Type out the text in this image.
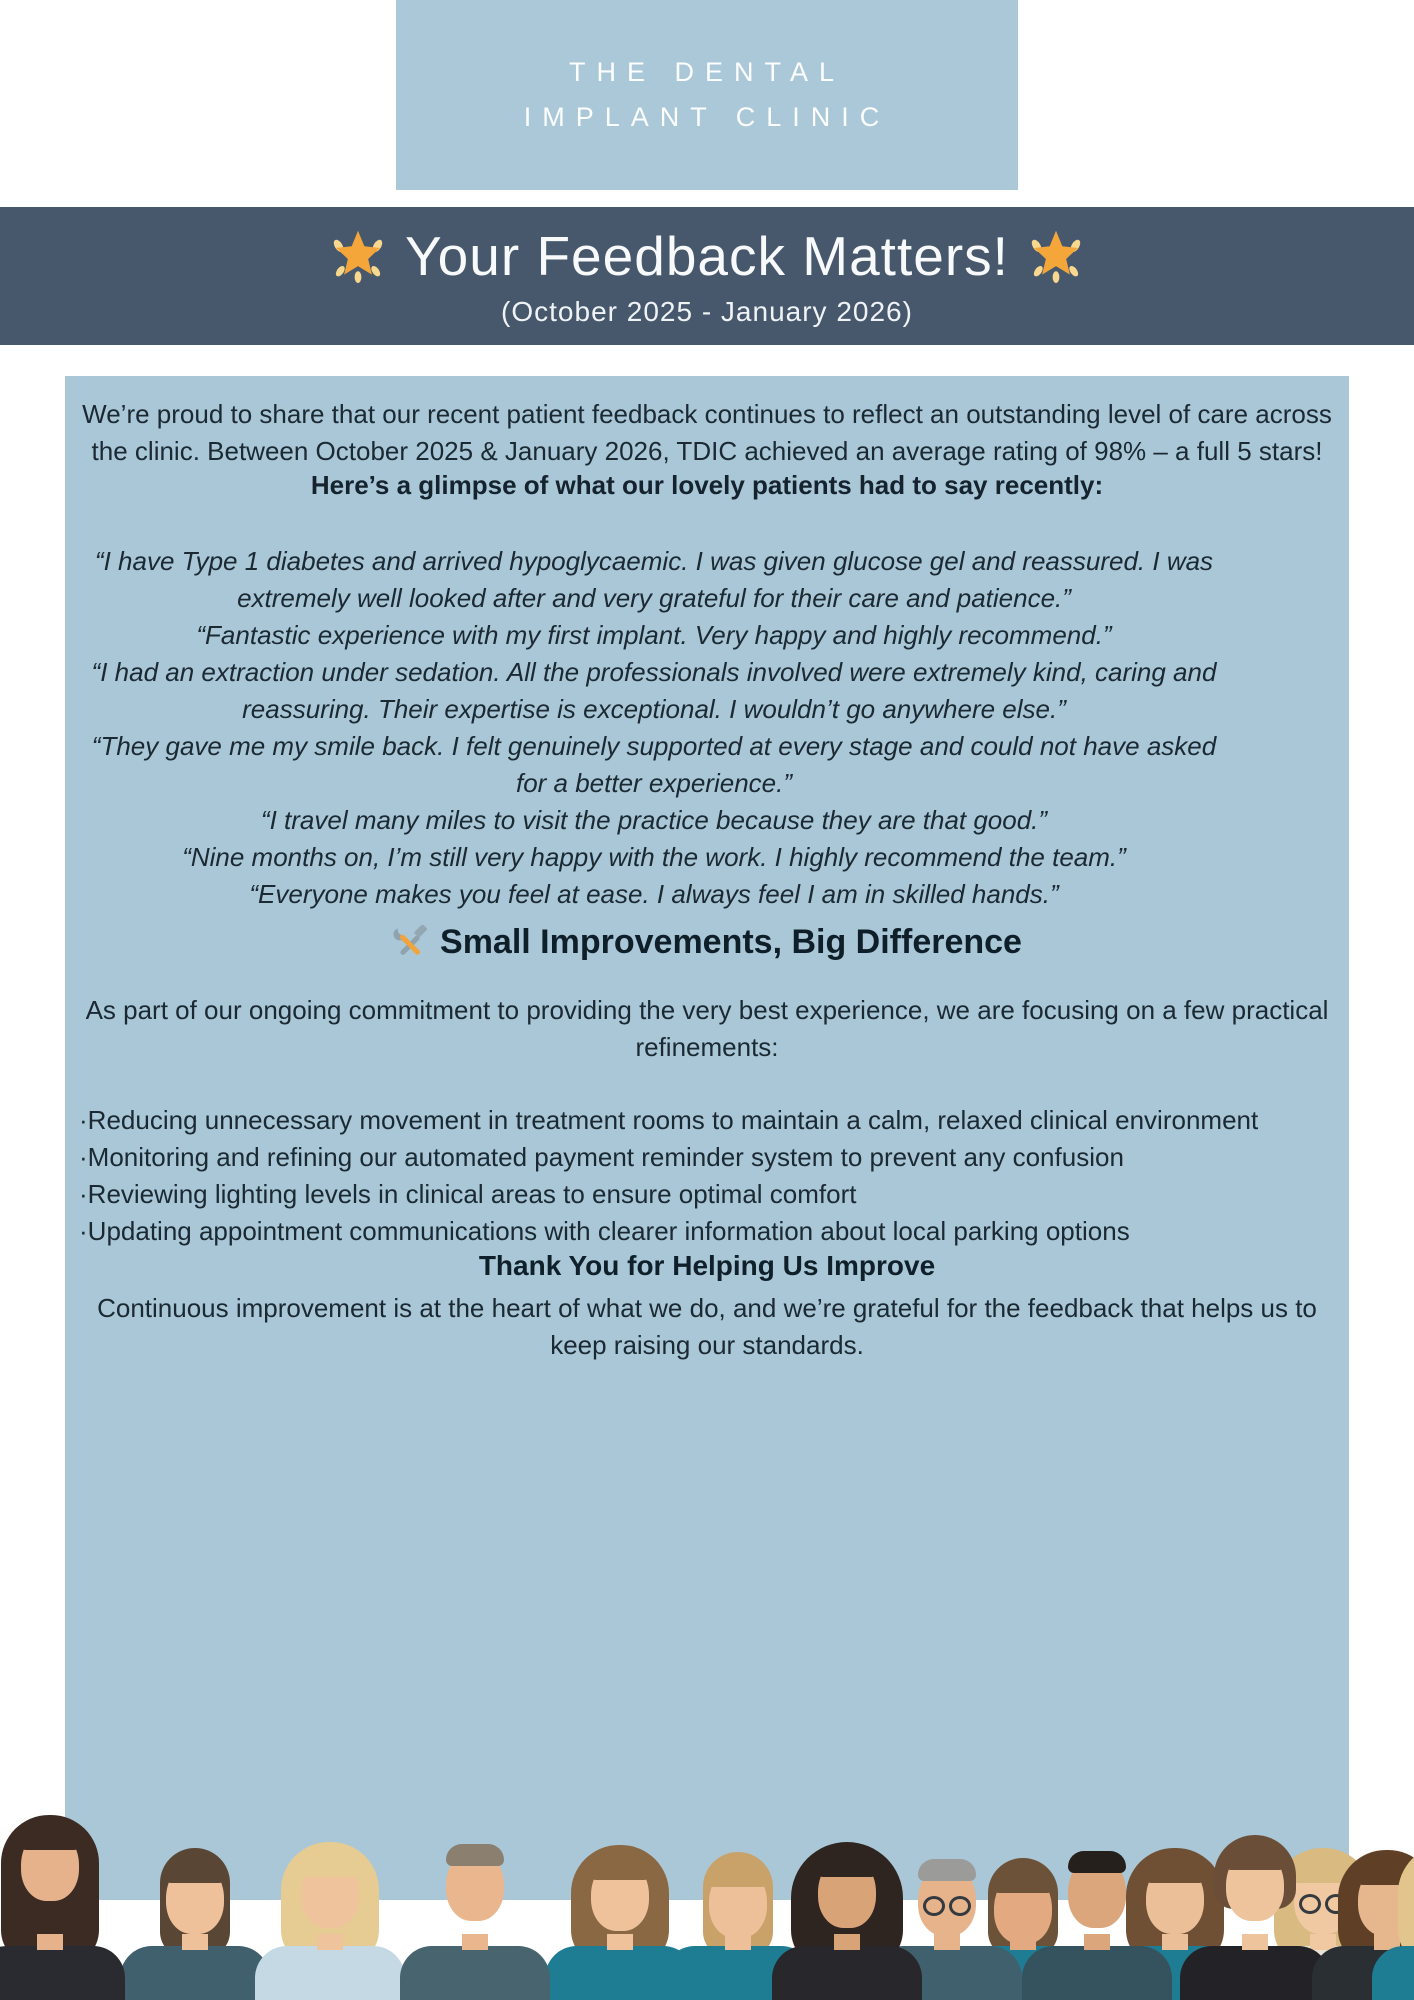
THE DENTAL
IMPLANT CLINIC
Your Feedback Matters!
(October 2025 - January 2026)

We’re proud to share that our recent patient feedback continues to reflect an outstanding level of care across the clinic. Between October 2025 & January 2026, TDIC achieved an average rating of 98% – a full 5 stars!

Here’s a glimpse of what our lovely patients had to say recently:

“I have Type 1 diabetes and arrived hypoglycaemic. I was given glucose gel and reassured. I was extremely well looked after and very grateful for their care and patience.”

“Fantastic experience with my first implant. Very happy and highly recommend.”

“I had an extraction under sedation. All the professionals involved were extremely kind, caring and reassuring. Their expertise is exceptional. I wouldn’t go anywhere else.”

“They gave me my smile back. I felt genuinely supported at every stage and could not have asked for a better experience.”

“I travel many miles to visit the practice because they are that good.”

“Nine months on, I’m still very happy with the work. I highly recommend the team.”

“Everyone makes you feel at ease. I always feel I am in skilled hands.”

Small Improvements, Big Difference

As part of our ongoing commitment to providing the very best experience, we are focusing on a few practical refinements:

· Reducing unnecessary movement in treatment rooms to maintain a calm, relaxed clinical environment

· Monitoring and refining our automated payment reminder system to prevent any confusion

· Reviewing lighting levels in clinical areas to ensure optimal comfort

· Updating appointment communications with clearer information about local parking options

Thank You for Helping Us Improve

Continuous improvement is at the heart of what we do, and we’re grateful for the feedback that helps us to keep raising our standards.
